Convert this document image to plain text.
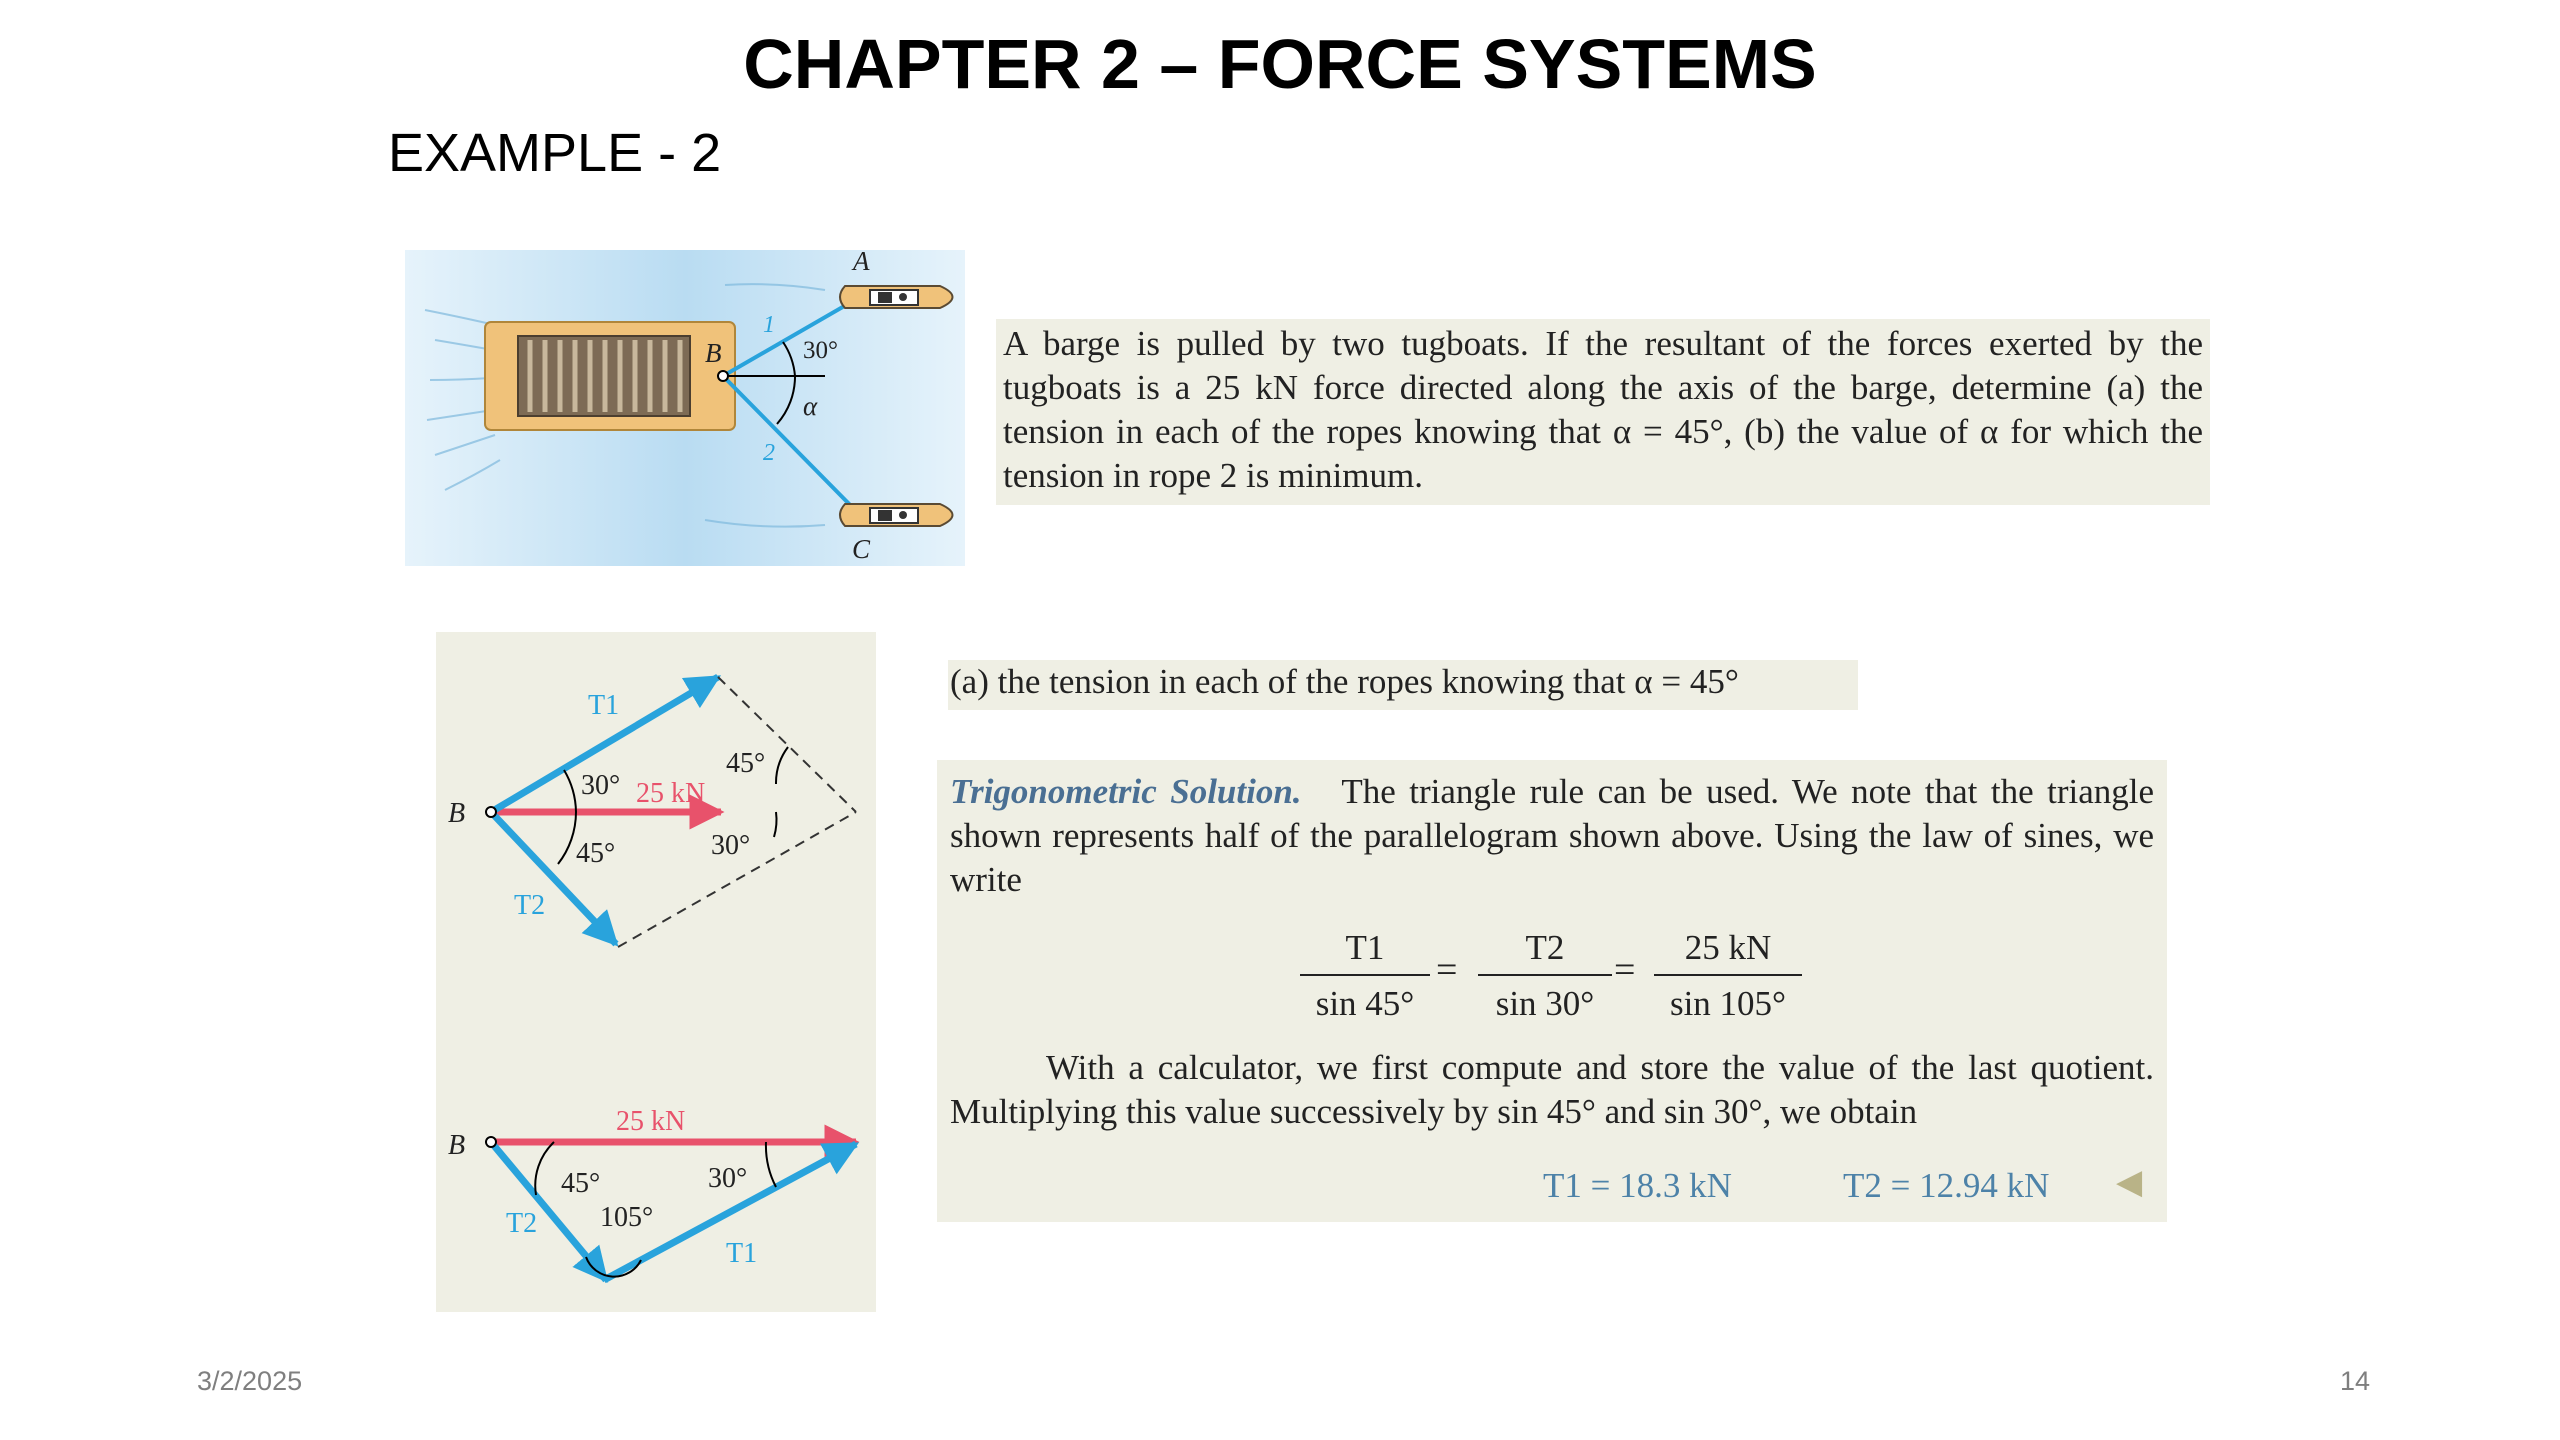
CHAPTER 2 – FORCE SYSTEMS
EXAMPLE - 2
A
B
C
1
2
30°
α
A barge is pulled by two tugboats. If the resultant of the forces exerted by the tugboats is a 25 kN force directed along the axis of the barge, determine (a) the tension in each of the ropes knowing that α = 45°, (b) the value of α for which the tension in rope 2 is minimum.
T1
T2
B
25 kN
30°
45°
45°
30°
B
25 kN
45°	30°
105°
T2
T1
(a) the tension in each of the ropes knowing that α = 45°
Trigonometric Solution. The triangle rule can be used. We note that the triangle shown represents half of the parallelogram shown above. Using the law of sines, we write
$\frac{T1}{\sin 45^\circ} = \frac{T2}{\sin 30^\circ} = \frac{25 kN}{\sin 105^\circ}$
With a calculator, we first compute and store the value of the last quotient. Multiplying this value successively by sin 45° and sin 30°, we obtain
T1 = 18.3 kN	T2 = 12.94 kN ◀
3/2/2025	14
